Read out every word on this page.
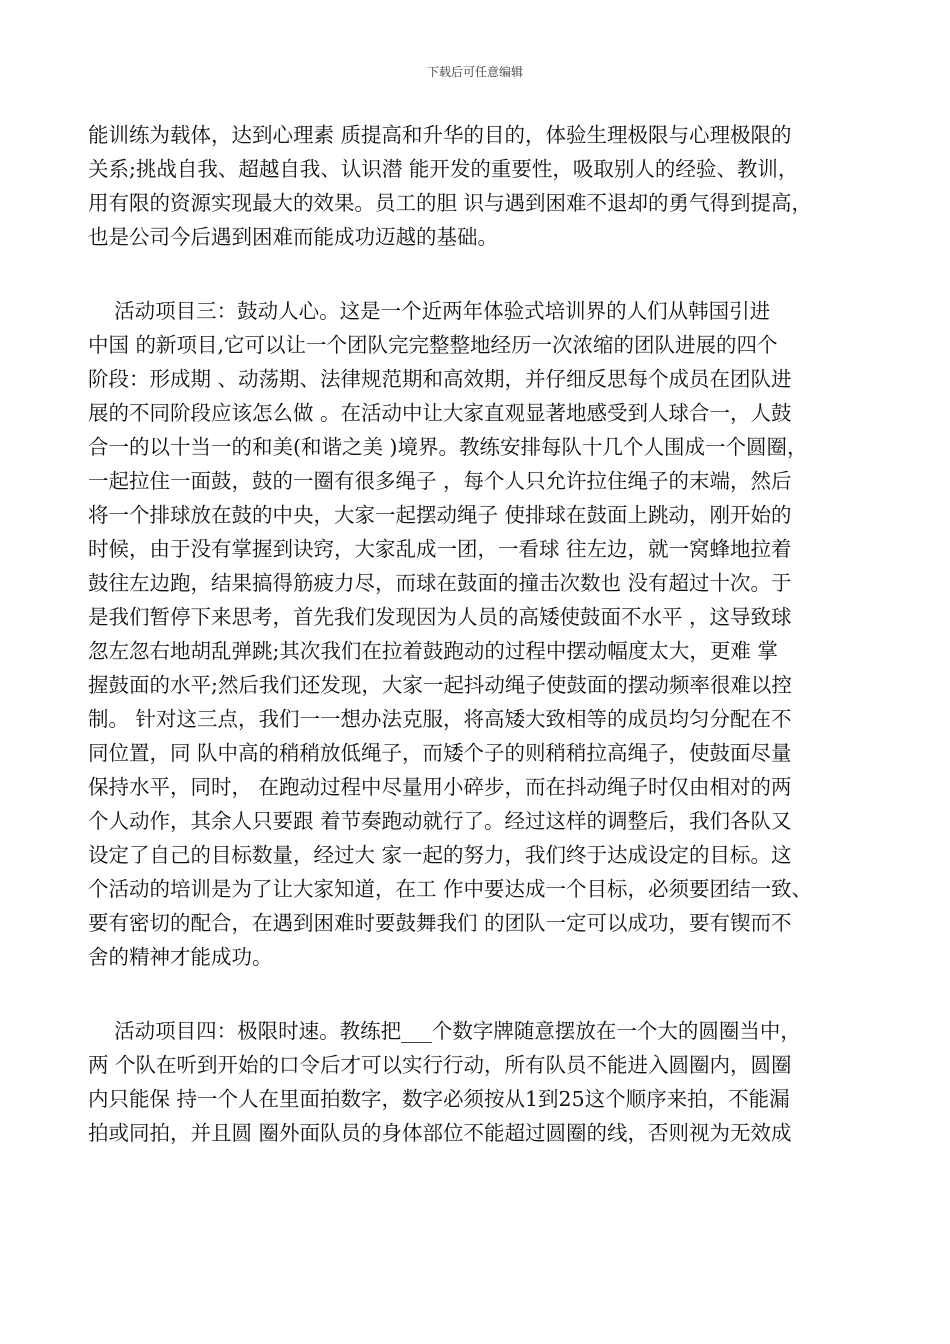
下载后可任意编辑
能训练为载体，达到心理素 质提高和升华的目的，体验生理极限与心理极限的
关系;挑战自我、超越自我、认识潜 能开发的重要性，吸取别人的经验、教训，
用有限的资源实现最大的效果。员工的胆 识与遇到困难不退却的勇气得到提高，
也是公司今后遇到困难而能成功迈越的基础。
活动项目三：鼓动人心。这是一个近两年体验式培训界的人们从韩国引进
中国 的新项目,它可以让一个团队完完整整地经历一次浓缩的团队进展的四个
阶段：形成期 、动荡期、法律规范期和高效期，并仔细反思每个成员在团队进
展的不同阶段应该怎么做 。在活动中让大家直观显著地感受到人球合一，人鼓
合一的以十当一的和美(和谐之美 )境界。教练安排每队十几个人围成一个圆圈，
一起拉住一面鼓，鼓的一圈有很多绳子 ，每个人只允许拉住绳子的末端，然后
将一个排球放在鼓的中央，大家一起摆动绳子 使排球在鼓面上跳动，刚开始的
时候，由于没有掌握到诀窍，大家乱成一团，一看球 往左边，就一窝蜂地拉着
鼓往左边跑，结果搞得筋疲力尽，而球在鼓面的撞击次数也 没有超过十次。于
是我们暂停下来思考，首先我们发现因为人员的高矮使鼓面不水平 ，这导致球
忽左忽右地胡乱弹跳;其次我们在拉着鼓跑动的过程中摆动幅度太大，更难 掌
握鼓面的水平;然后我们还发现，大家一起抖动绳子使鼓面的摆动频率很难以控
制。 针对这三点，我们一一想办法克服，将高矮大致相等的成员均匀分配在不
同位置，同 队中高的稍稍放低绳子，而矮个子的则稍稍拉高绳子，使鼓面尽量
保持水平，同时， 在跑动过程中尽量用小碎步，而在抖动绳子时仅由相对的两
个人动作，其余人只要跟 着节奏跑动就行了。经过这样的调整后，我们各队又
设定了自己的目标数量，经过大 家一起的努力，我们终于达成设定的目标。这
个活动的培训是为了让大家知道，在工 作中要达成一个目标，必须要团结一致、
要有密切的配合，在遇到困难时要鼓舞我们 的团队一定可以成功，要有锲而不
舍的精神才能成功。
活动项目四：极限时速。教练把___个数字牌随意摆放在一个大的圆圈当中，
两 个队在听到开始的口令后才可以实行行动，所有队员不能进入圆圈内，圆圈
内只能保 持一个人在里面拍数字，数字必须按从1到25这个顺序来拍，不能漏
拍或同拍，并且圆 圈外面队员的身体部位不能超过圆圈的线，否则视为无效成
